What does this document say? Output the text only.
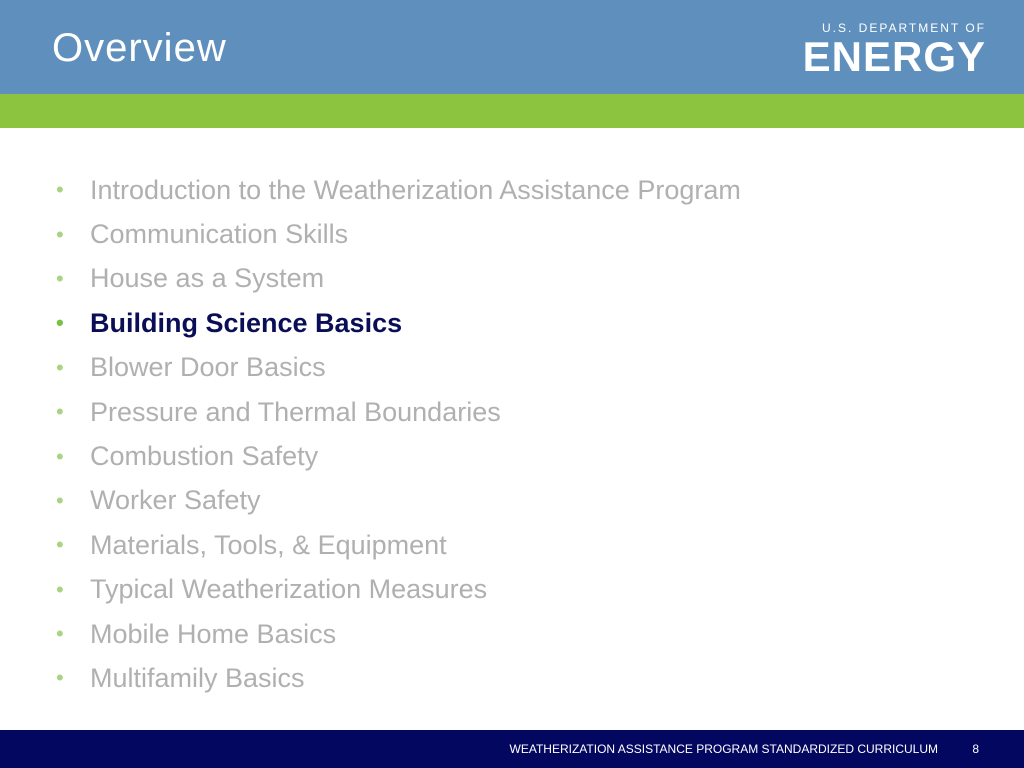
Overview	U.S. DEPARTMENT OF
ENERGY
• Introduction to the Weatherization Assistance Program
• Communication Skills
• House as a System
• Building Science Basics
• Blower Door Basics
• Pressure and Thermal Boundaries
• Combustion Safety
• Worker Safety
• Materials, Tools, & Equipment
• Typical Weatherization Measures
• Mobile Home Basics
• Multifamily Basics
WEATHERIZATION ASSISTANCE PROGRAM STANDARDIZED CURRICULUM	8
